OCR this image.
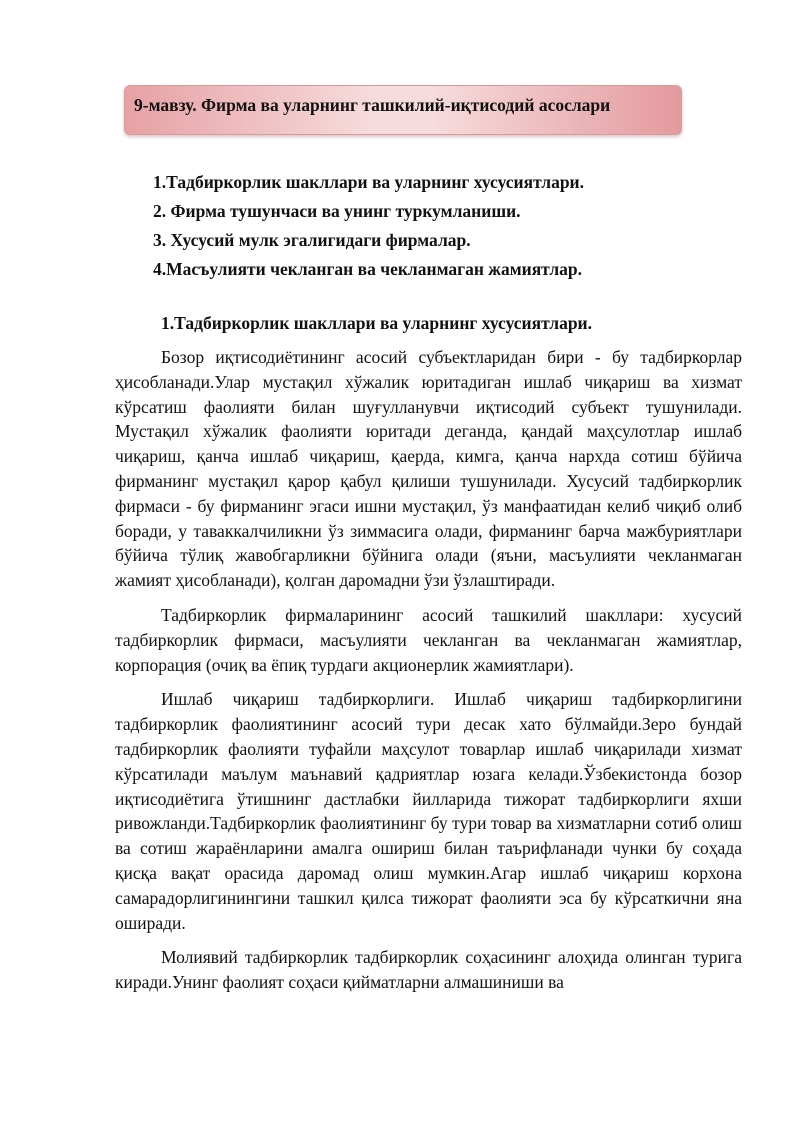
9-мавзу. Фирма ва уларнинг ташкилий-иқтисодий асослари
1.Тадбиркорлик шакллари ва уларнинг хусусиятлари.
2. Фирма тушунчаси ва унинг туркумланиши.
3. Хусусий мулк эгалигидаги фирмалар.
4.Масъулияти чекланган ва чекланмаган жамиятлар.
1.Тадбиркорлик шакллари ва уларнинг хусусиятлари.

Бозор иқтисодиётининг асосий субъектларидан бири - бу тадбиркорлар ҳисобланади.Улар мустақил хўжалик юритадиган ишлаб чиқариш ва хизмат кўрсатиш фаолияти билан шуғулланувчи иқтисодий субъект тушунилади. Мустақил хўжалик фаолияти юритади деганда, қандай маҳсулотлар ишлаб чиқариш, қанча ишлаб чиқариш, қаерда, кимга, қанча нархда сотиш бўйича фирманинг мустақил қарор қабул қилиши тушунилади. Хусусий тадбиркорлик фирмаси - бу фирманинг эгаси ишни мустақил, ўз манфаатидан келиб чиқиб олиб боради, у таваккалчиликни ўз зиммасига олади, фирманинг барча мажбуриятлари бўйича тўлиқ жавобгарликни бўйнига олади (яъни, масъулияти чекланмаган жамият ҳисобланади), қолган даромадни ўзи ўзлаштиради.

Тадбиркорлик фирмаларининг асосий ташкилий шакллари: хусусий тадбиркорлик фирмаси, масъулияти чекланган ва чекланмаган жамиятлар, корпорация (очиқ ва ёпиқ турдаги акционерлик жамиятлари).

Ишлаб чиқариш тадбиркорлиги. Ишлаб чиқариш тадбиркорлигини тадбиркорлик фаолиятининг асосий тури десак хато бўлмайди.Зеро бундай тадбиркорлик фаолияти туфайли маҳсулот товарлар ишлаб чиқарилади хизмат кўрсатилади маълум маънавий қадриятлар юзага келади.Ўзбекистонда бозор иқтисодиётига ўтишнинг дастлабки йилларида тижорат тадбиркорлиги яхши ривожланди.Тадбиркорлик фаолиятининг бу тури товар ва хизматларни сотиб олиш ва сотиш жараёнларини амалга ошириш билан таърифланади чунки бу соҳада қисқа вақат орасида даромад олиш мумкин.Агар ишлаб чиқариш корхона самарадорлигинингини ташкил қилса тижорат фаолияти эса бу кўрсаткични яна оширади.

Молиявий тадбиркорлик тадбиркорлик соҳасининг алоҳида олинган турига киради.Унинг фаолият соҳаси қийматларни алмашиниши ва
